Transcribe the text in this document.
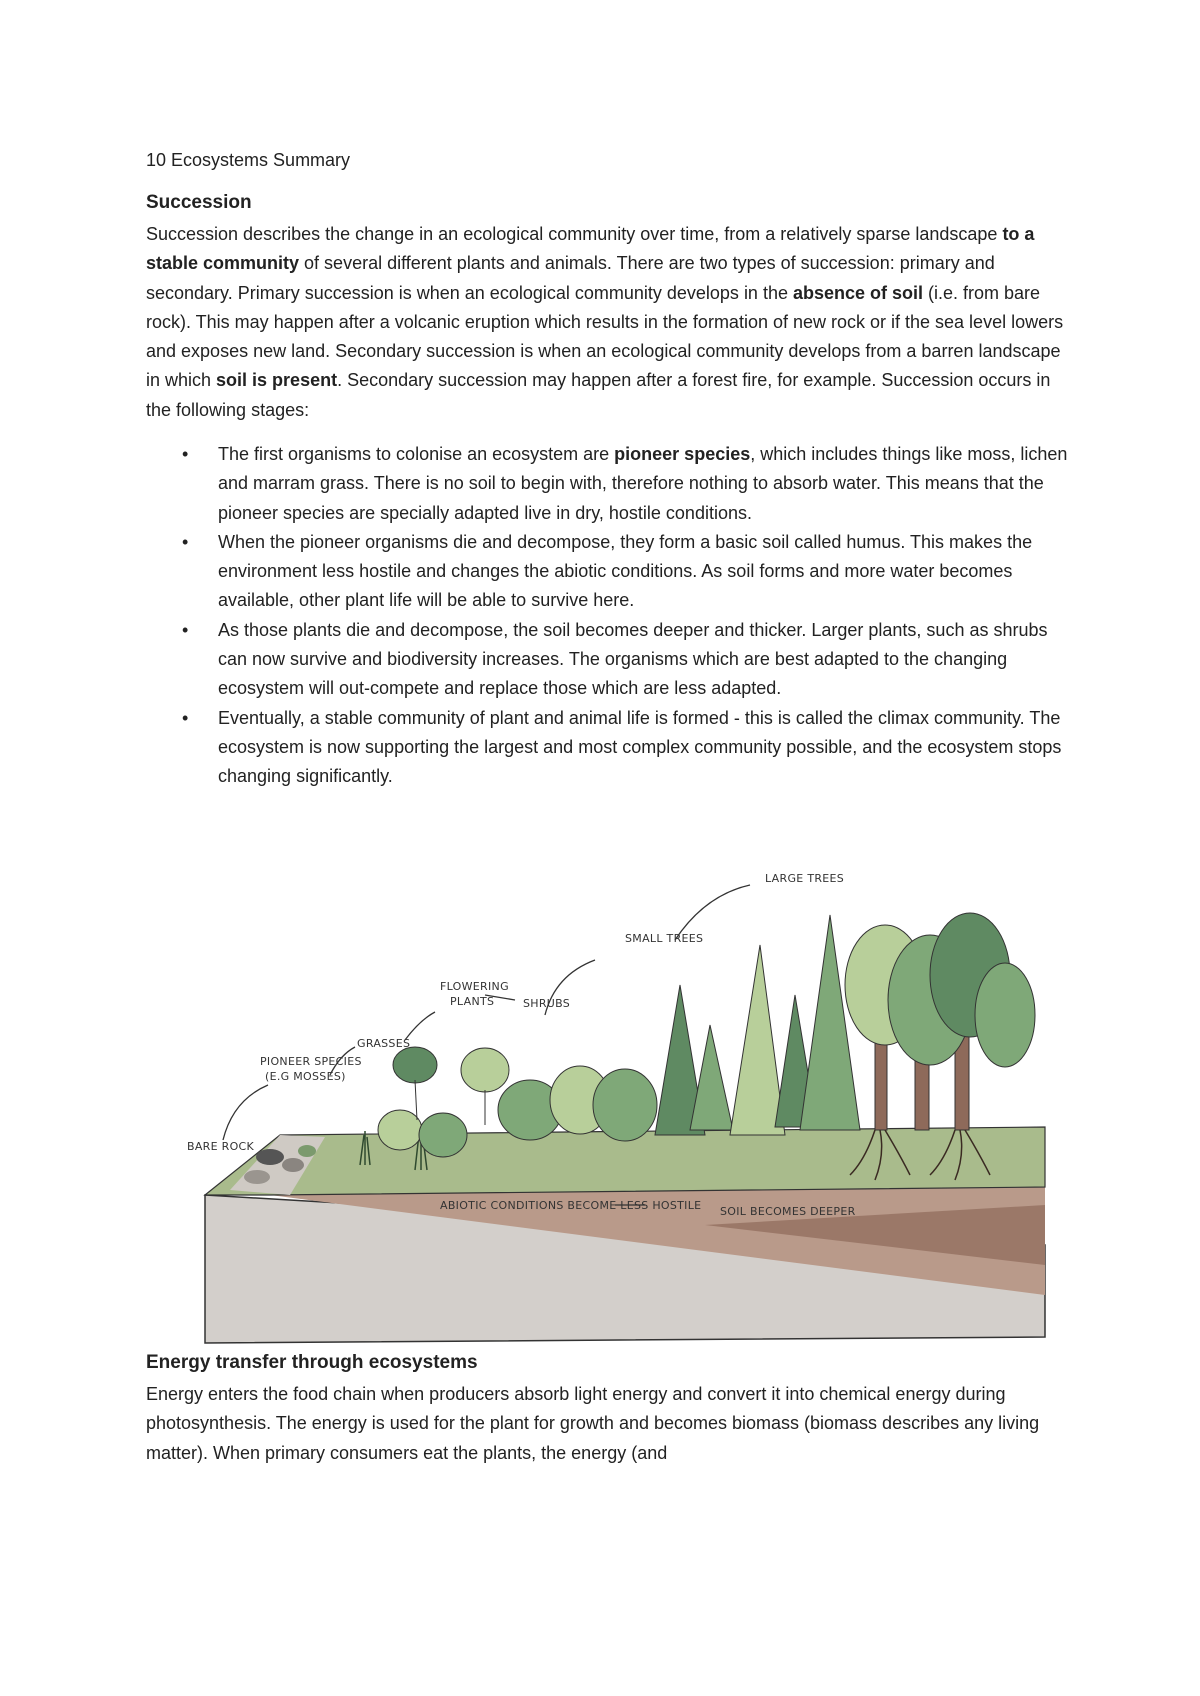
10 Ecosystems Summary
Succession
Succession describes the change in an ecological community over time, from a relatively sparse landscape to a stable community of several different plants and animals. There are two types of succession: primary and secondary. Primary succession is when an ecological community develops in the absence of soil (i.e. from bare rock). This may happen after a volcanic eruption which results in the formation of new rock or if the sea level lowers and exposes new land. Secondary succession is when an ecological community develops from a barren landscape in which soil is present. Secondary succession may happen after a forest fire, for example. Succession occurs in the following stages:
• The first organisms to colonise an ecosystem are pioneer species, which includes things like moss, lichen and marram grass. There is no soil to begin with, therefore nothing to absorb water. This means that the pioneer species are specially adapted live in dry, hostile conditions.
• When the pioneer organisms die and decompose, they form a basic soil called humus. This makes the environment less hostile and changes the abiotic conditions. As soil forms and more water becomes available, other plant life will be able to survive here.
• As those plants die and decompose, the soil becomes deeper and thicker. Larger plants, such as shrubs can now survive and biodiversity increases. The organisms which are best adapted to the changing ecosystem will out-compete and replace those which are less adapted.
• Eventually, a stable community of plant and animal life is formed - this is called the climax community. The ecosystem is now supporting the largest and most complex community possible, and the ecosystem stops changing significantly.
BARE ROCK
PIONEER SPECIES
(E.G MOSSES)
GRASSES
FLOWERING
PLANTS	SHRUBS
SMALL TREES
LARGE TREES
ABIOTIC CONDITIONS BECOME LESS HOSTILE SOIL BECOMES DEEPER
Energy transfer through ecosystems
Energy enters the food chain when producers absorb light energy and convert it into chemical energy during photosynthesis. The energy is used for the plant for growth and becomes biomass (biomass describes any living matter). When primary consumers eat the plants, the energy (and
